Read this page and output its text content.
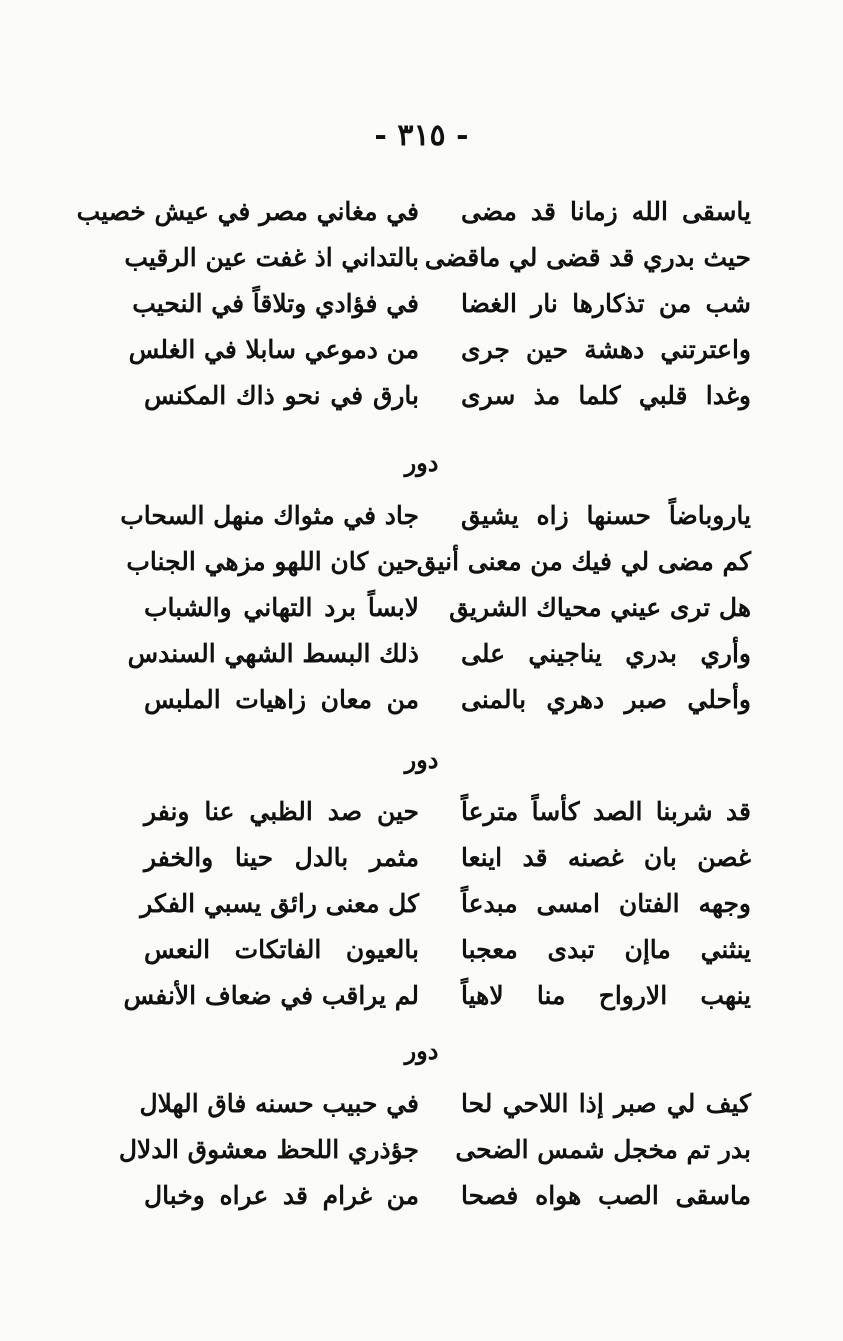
- ٣١٥ -
ياسقى الله زمانا قد مضى
في مغاني مصر في عيش خصيب
حيث بدري قد قضى لي ماقضى
بالتداني اذ غفت عين الرقيب
شب من تذكارها نار الغضا
في فؤادي وتلاقاً في النحيب
واعترتني دهشة حين جرى
من دموعي سابلا في الغلس
وغدا قلبي كلما مذ سرى
بارق في نحو ذاك المكنس
دور
ياروباضاً حسنها زاه يشيق
جاد في مثواك منهل السحاب
كم مضى لي فيك من معنى أنيق
حين كان اللهو مزهي الجناب
هل ترى عيني محياك الشريق
لابساً برد التهاني والشباب
وأري بدري يناجيني على
ذلك البسط الشهي السندس
وأحلي صبر دهري بالمنى
من معان زاهيات الملبس
دور
قد شربنا الصد كأساً مترعاً
حين صد الظبي عنا ونفر
غصن بان غصنه قد اينعا
مثمر بالدل حينا والخفر
وجهه الفتان امسى مبدعاً
كل معنى رائق يسبي الفكر
ينثني ماإن تبدى معجبا
بالعيون الفاتكات النعس
ينهب الارواح منا لاهياً
لم يراقب في ضعاف الأنفس
دور
كيف لي صبر إذا اللاحي لحا
في حبيب حسنه فاق الهلال
بدر تم مخجل شمس الضحى
جؤذري اللحظ معشوق الدلال
ماسقى الصب هواه فصحا
من غرام قد عراه وخبال
